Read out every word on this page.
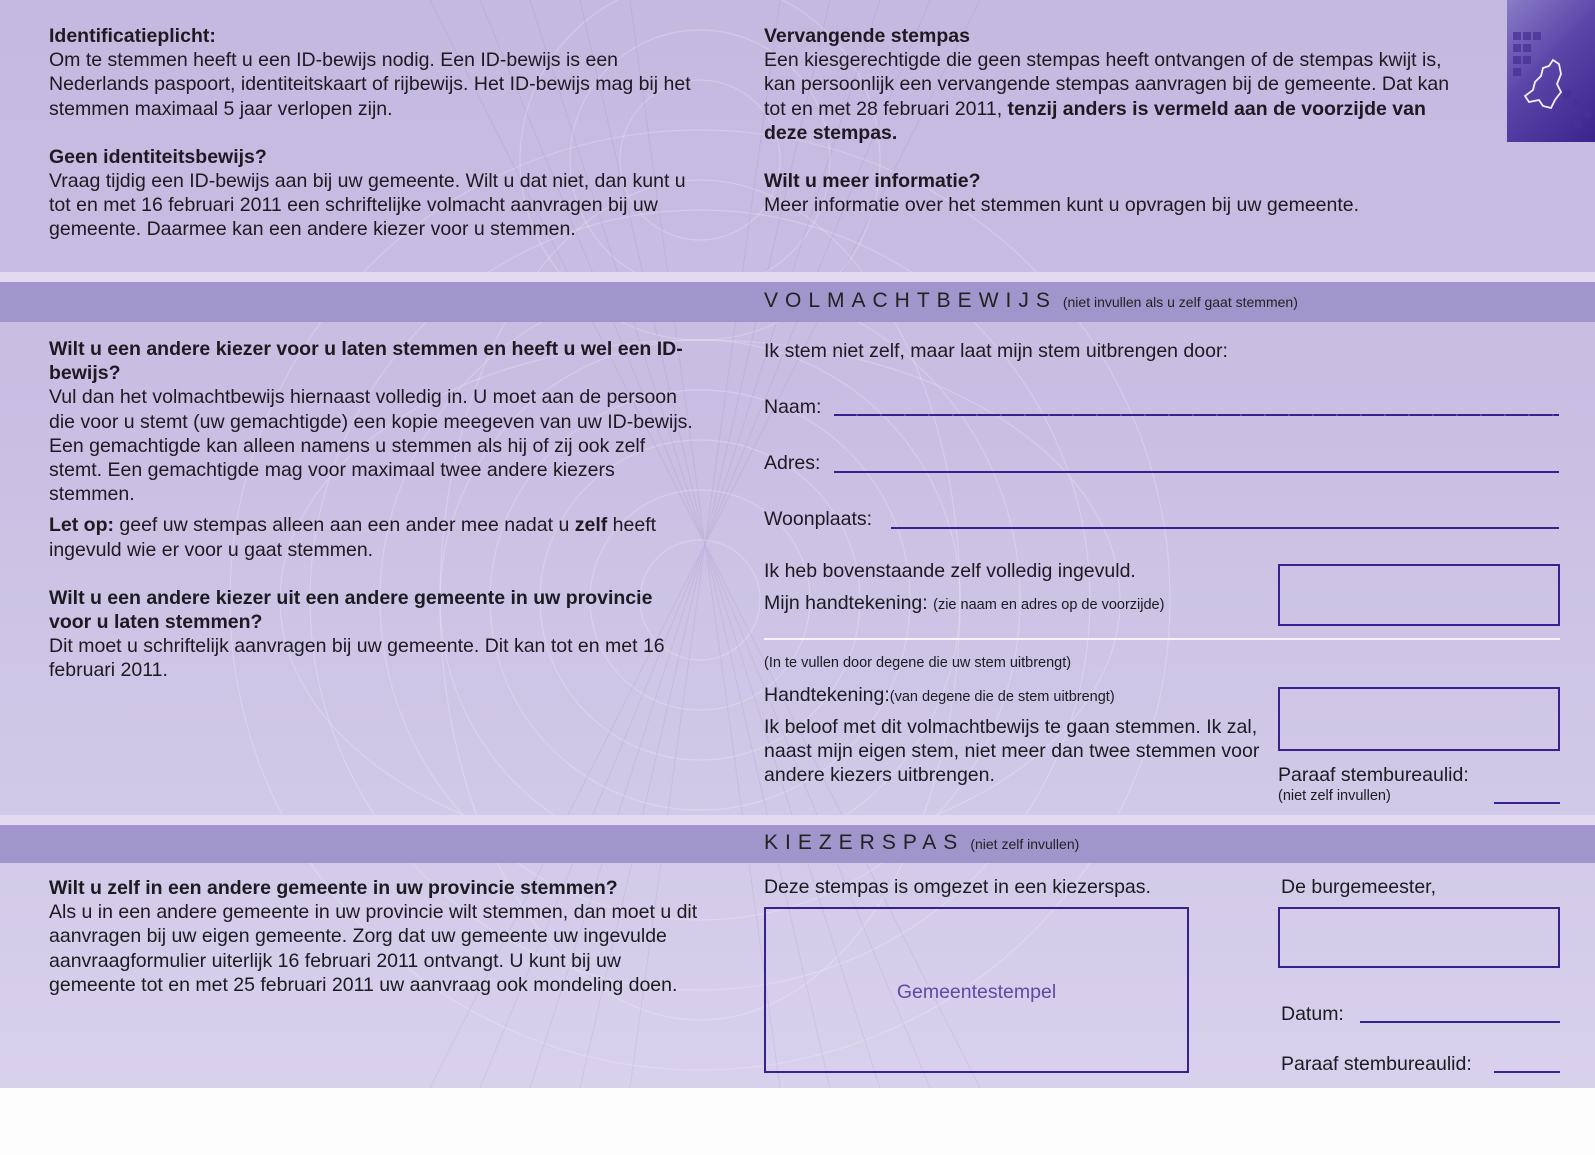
Identificatieplicht:

Om te stemmen heeft u een ID-bewijs nodig. Een ID-bewijs is een Nederlands paspoort, identiteitskaart of rijbewijs. Het ID-bewijs mag bij het stemmen maximaal 5 jaar verlopen zijn.

Geen identiteitsbewijs?

Vraag tijdig een ID-bewijs aan bij uw gemeente. Wilt u dat niet, dan kunt u tot en met 16 februari 2011 een schriftelijke volmacht aanvragen bij uw gemeente. Daarmee kan een andere kiezer voor u stemmen.

Vervangende stempas

Een kiesgerechtigde die geen stempas heeft ontvangen of de stempas kwijt is, kan persoonlijk een vervangende stempas aanvragen bij de gemeente. Dat kan tot en met 28 februari 2011, tenzij anders is vermeld aan de voorzijde van deze stempas.

Wilt u meer informatie?

Meer informatie over het stemmen kunt u opvragen bij uw gemeente.

VOLMACHTBEWIJS (niet invullen als u zelf gaat stemmen)

Wilt u een andere kiezer voor u laten stemmen en heeft u wel een ID-bewijs?

Vul dan het volmachtbewijs hiernaast volledig in. U moet aan de persoon die voor u stemt (uw gemachtigde) een kopie meegeven van uw ID-bewijs. Een gemachtigde kan alleen namens u stemmen als hij of zij ook zelf stemt. Een gemachtigde mag voor maximaal twee andere kiezers stemmen.

Let op: geef uw stempas alleen aan een ander mee nadat u zelf heeft ingevuld wie er voor u gaat stemmen.

Wilt u een andere kiezer uit een andere gemeente in uw provincie voor u laten stemmen?

Dit moet u schriftelijk aanvragen bij uw gemeente. Dit kan tot en met 16 februari 2011.

Ik stem niet zelf, maar laat mijn stem uitbrengen door:
Naam:
Adres:
Woonplaats:
Ik heb bovenstaande zelf volledig ingevuld.
Mijn handtekening: (zie naam en adres op de voorzijde)
(In te vullen door degene die uw stem uitbrengt)
Handtekening:(van degene die de stem uitbrengt)
Ik beloof met dit volmachtbewijs te gaan stemmen. Ik zal, naast mijn eigen stem, niet meer dan twee stemmen voor andere kiezers uitbrengen.	Paraaf stembureaulid:
(niet zelf invullen)
KIEZERSPAS (niet zelf invullen)

Wilt u zelf in een andere gemeente in uw provincie stemmen?

Als u in een andere gemeente in uw provincie wilt stemmen, dan moet u dit aanvragen bij uw eigen gemeente. Zorg dat uw gemeente uw ingevulde aanvraagformulier uiterlijk 16 februari 2011 ontvangt. U kunt bij uw gemeente tot en met 25 februari 2011 uw aanvraag ook mondeling doen.

Deze stempas is omgezet in een kiezerspas.
Gemeentestempel
De burgemeester,
Datum:
Paraaf stembureaulid:
